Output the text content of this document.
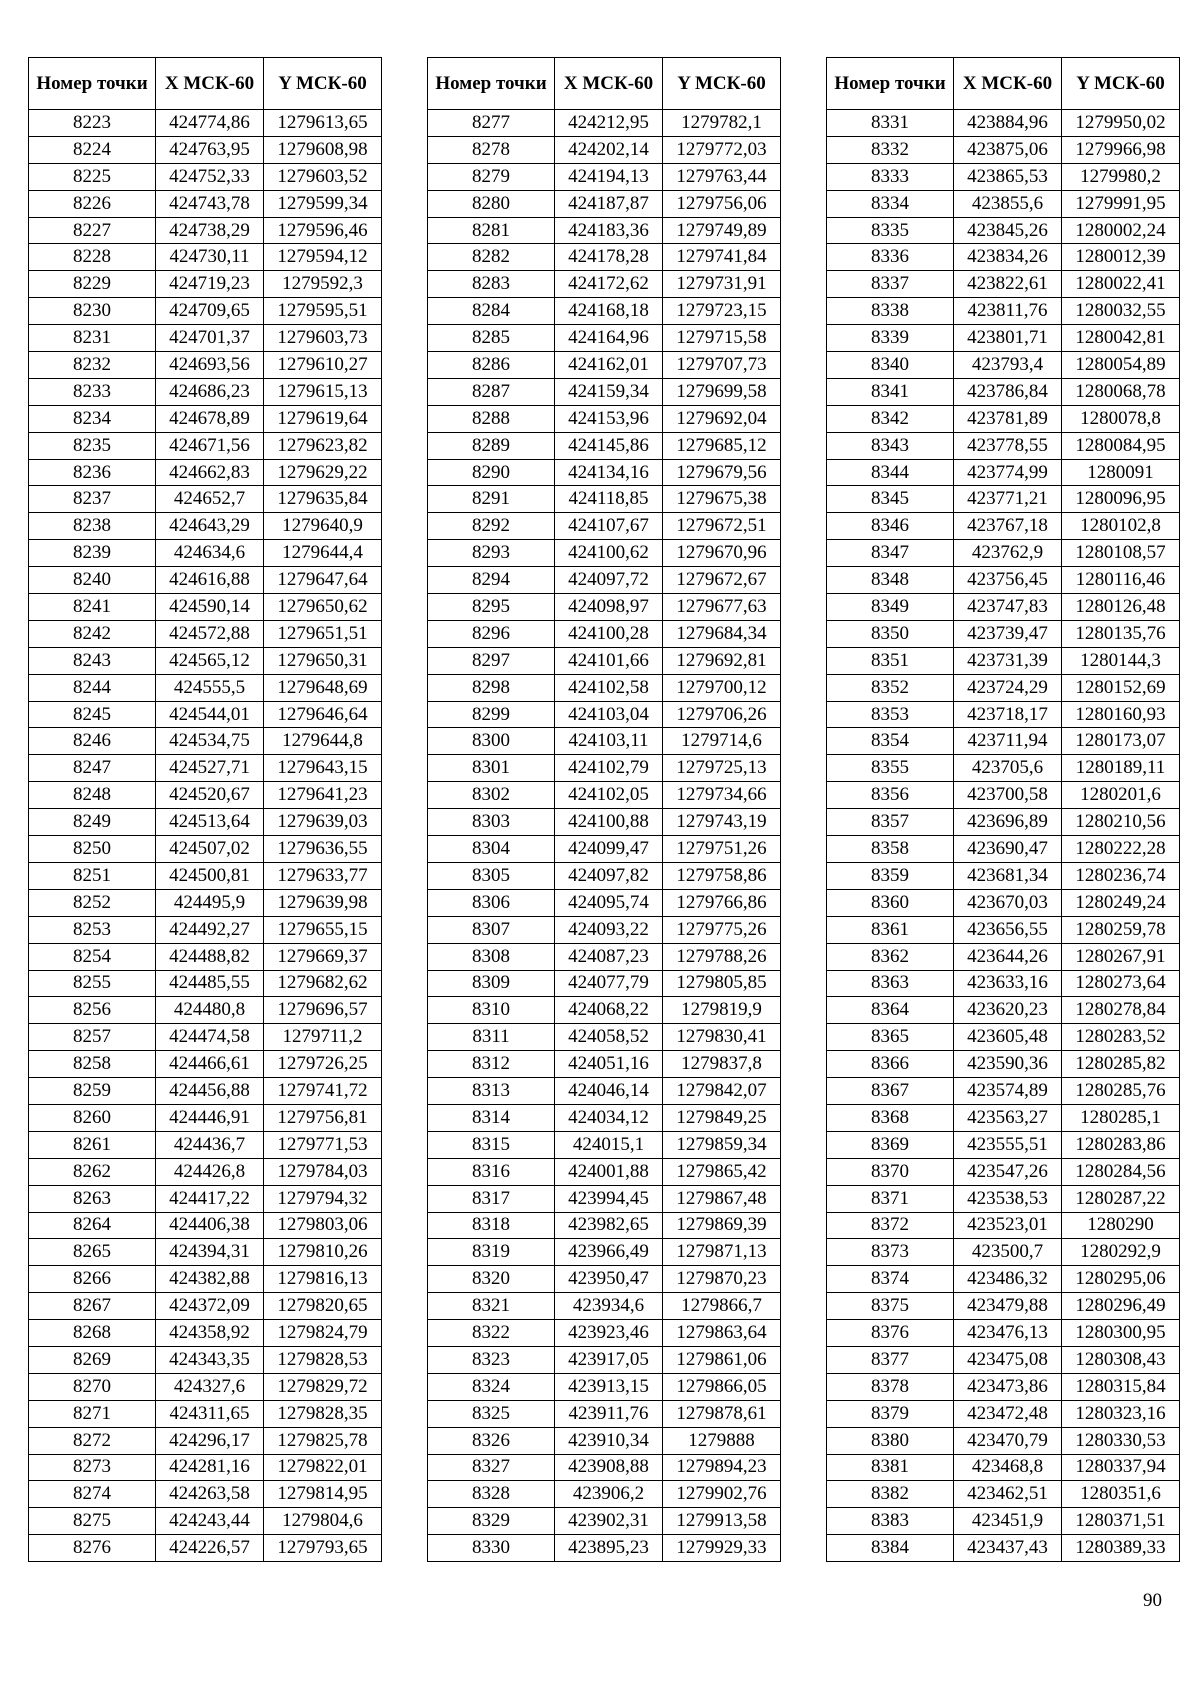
Номер точки	X МСК-60	Y МСК-60
8223	424774,86	1279613,65
8224	424763,95	1279608,98
8225	424752,33	1279603,52
8226	424743,78	1279599,34
8227	424738,29	1279596,46
8228	424730,11	1279594,12
8229	424719,23	1279592,3
8230	424709,65	1279595,51
8231	424701,37	1279603,73
8232	424693,56	1279610,27
8233	424686,23	1279615,13
8234	424678,89	1279619,64
8235	424671,56	1279623,82
8236	424662,83	1279629,22
8237	424652,7	1279635,84
8238	424643,29	1279640,9
8239	424634,6	1279644,4
8240	424616,88	1279647,64
8241	424590,14	1279650,62
8242	424572,88	1279651,51
8243	424565,12	1279650,31
8244	424555,5	1279648,69
8245	424544,01	1279646,64
8246	424534,75	1279644,8
8247	424527,71	1279643,15
8248	424520,67	1279641,23
8249	424513,64	1279639,03
8250	424507,02	1279636,55
8251	424500,81	1279633,77
8252	424495,9	1279639,98
8253	424492,27	1279655,15
8254	424488,82	1279669,37
8255	424485,55	1279682,62
8256	424480,8	1279696,57
8257	424474,58	1279711,2
8258	424466,61	1279726,25
8259	424456,88	1279741,72
8260	424446,91	1279756,81
8261	424436,7	1279771,53
8262	424426,8	1279784,03
8263	424417,22	1279794,32
8264	424406,38	1279803,06
8265	424394,31	1279810,26
8266	424382,88	1279816,13
8267	424372,09	1279820,65
8268	424358,92	1279824,79
8269	424343,35	1279828,53
8270	424327,6	1279829,72
8271	424311,65	1279828,35
8272	424296,17	1279825,78
8273	424281,16	1279822,01
8274	424263,58	1279814,95
8275	424243,44	1279804,6
8276	424226,57	1279793,65
Номер точки	X МСК-60	Y МСК-60
8277	424212,95	1279782,1
8278	424202,14	1279772,03
8279	424194,13	1279763,44
8280	424187,87	1279756,06
8281	424183,36	1279749,89
8282	424178,28	1279741,84
8283	424172,62	1279731,91
8284	424168,18	1279723,15
8285	424164,96	1279715,58
8286	424162,01	1279707,73
8287	424159,34	1279699,58
8288	424153,96	1279692,04
8289	424145,86	1279685,12
8290	424134,16	1279679,56
8291	424118,85	1279675,38
8292	424107,67	1279672,51
8293	424100,62	1279670,96
8294	424097,72	1279672,67
8295	424098,97	1279677,63
8296	424100,28	1279684,34
8297	424101,66	1279692,81
8298	424102,58	1279700,12
8299	424103,04	1279706,26
8300	424103,11	1279714,6
8301	424102,79	1279725,13
8302	424102,05	1279734,66
8303	424100,88	1279743,19
8304	424099,47	1279751,26
8305	424097,82	1279758,86
8306	424095,74	1279766,86
8307	424093,22	1279775,26
8308	424087,23	1279788,26
8309	424077,79	1279805,85
8310	424068,22	1279819,9
8311	424058,52	1279830,41
8312	424051,16	1279837,8
8313	424046,14	1279842,07
8314	424034,12	1279849,25
8315	424015,1	1279859,34
8316	424001,88	1279865,42
8317	423994,45	1279867,48
8318	423982,65	1279869,39
8319	423966,49	1279871,13
8320	423950,47	1279870,23
8321	423934,6	1279866,7
8322	423923,46	1279863,64
8323	423917,05	1279861,06
8324	423913,15	1279866,05
8325	423911,76	1279878,61
8326	423910,34	1279888
8327	423908,88	1279894,23
8328	423906,2	1279902,76
8329	423902,31	1279913,58
8330	423895,23	1279929,33
Номер точки	X МСК-60	Y МСК-60
8331	423884,96	1279950,02
8332	423875,06	1279966,98
8333	423865,53	1279980,2
8334	423855,6	1279991,95
8335	423845,26	1280002,24
8336	423834,26	1280012,39
8337	423822,61	1280022,41
8338	423811,76	1280032,55
8339	423801,71	1280042,81
8340	423793,4	1280054,89
8341	423786,84	1280068,78
8342	423781,89	1280078,8
8343	423778,55	1280084,95
8344	423774,99	1280091
8345	423771,21	1280096,95
8346	423767,18	1280102,8
8347	423762,9	1280108,57
8348	423756,45	1280116,46
8349	423747,83	1280126,48
8350	423739,47	1280135,76
8351	423731,39	1280144,3
8352	423724,29	1280152,69
8353	423718,17	1280160,93
8354	423711,94	1280173,07
8355	423705,6	1280189,11
8356	423700,58	1280201,6
8357	423696,89	1280210,56
8358	423690,47	1280222,28
8359	423681,34	1280236,74
8360	423670,03	1280249,24
8361	423656,55	1280259,78
8362	423644,26	1280267,91
8363	423633,16	1280273,64
8364	423620,23	1280278,84
8365	423605,48	1280283,52
8366	423590,36	1280285,82
8367	423574,89	1280285,76
8368	423563,27	1280285,1
8369	423555,51	1280283,86
8370	423547,26	1280284,56
8371	423538,53	1280287,22
8372	423523,01	1280290
8373	423500,7	1280292,9
8374	423486,32	1280295,06
8375	423479,88	1280296,49
8376	423476,13	1280300,95
8377	423475,08	1280308,43
8378	423473,86	1280315,84
8379	423472,48	1280323,16
8380	423470,79	1280330,53
8381	423468,8	1280337,94
8382	423462,51	1280351,6
8383	423451,9	1280371,51
8384	423437,43	1280389,33
90
